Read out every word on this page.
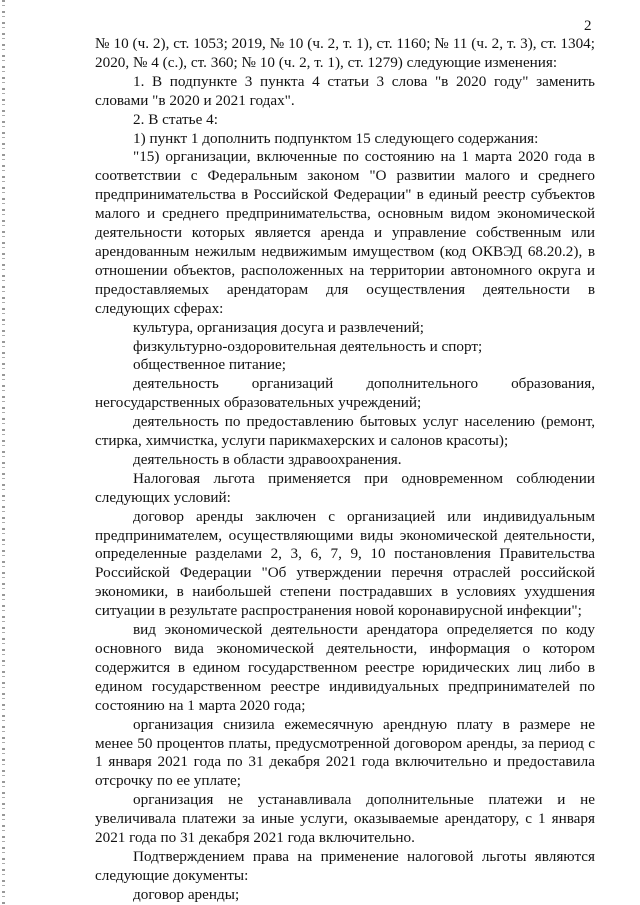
2

№ 10 (ч. 2), ст. 1053; 2019, № 10 (ч. 2, т. 1), ст. 1160; № 11 (ч. 2, т. 3), ст. 1304; 2020, № 4 (с.), ст. 360; № 10 (ч. 2, т. 1), ст. 1279) следующие изменения:

1. В подпункте 3 пункта 4 статьи 3 слова "в 2020 году" заменить словами "в 2020 и 2021 годах".

2. В статье 4:

1) пункт 1 дополнить подпунктом 15 следующего содержания:

"15) организации, включенные по состоянию на 1 марта 2020 года в соответствии с Федеральным законом "О развитии малого и среднего предпринимательства в Российской Федерации" в единый реестр субъектов малого и среднего предпринимательства, основным видом экономической деятельности которых является аренда и управление собственным или арендованным нежилым недвижимым имуществом (код ОКВЭД 68.20.2), в отношении объектов, расположенных на территории автономного округа и предоставляемых арендаторам для осуществления деятельности в следующих сферах:

культура, организация досуга и развлечений;

физкультурно-оздоровительная деятельность и спорт;

общественное питание;

деятельность организаций дополнительного образования, негосударственных образовательных учреждений;

деятельность по предоставлению бытовых услуг населению (ремонт, стирка, химчистка, услуги парикмахерских и салонов красоты);

деятельность в области здравоохранения.

Налоговая льгота применяется при одновременном соблюдении следующих условий:

договор аренды заключен с организацией или индивидуальным предпринимателем, осуществляющими виды экономической деятельности, определенные разделами 2, 3, 6, 7, 9, 10 постановления Правительства Российской Федерации "Об утверждении перечня отраслей российской экономики, в наибольшей степени пострадавших в условиях ухудшения ситуации в результате распространения новой коронавирусной инфекции";

вид экономической деятельности арендатора определяется по коду основного вида экономической деятельности, информация о котором содержится в едином государственном реестре юридических лиц либо в едином государственном реестре индивидуальных предпринимателей по состоянию на 1 марта 2020 года;

организация снизила ежемесячную арендную плату в размере не менее 50 процентов платы, предусмотренной договором аренды, за период с 1 января 2021 года по 31 декабря 2021 года включительно и предоставила отсрочку по ее уплате;

организация не устанавливала дополнительные платежи и не увеличивала платежи за иные услуги, оказываемые арендатору, с 1 января 2021 года по 31 декабря 2021 года включительно.

Подтверждением права на применение налоговой льготы являются следующие документы:

договор аренды;
